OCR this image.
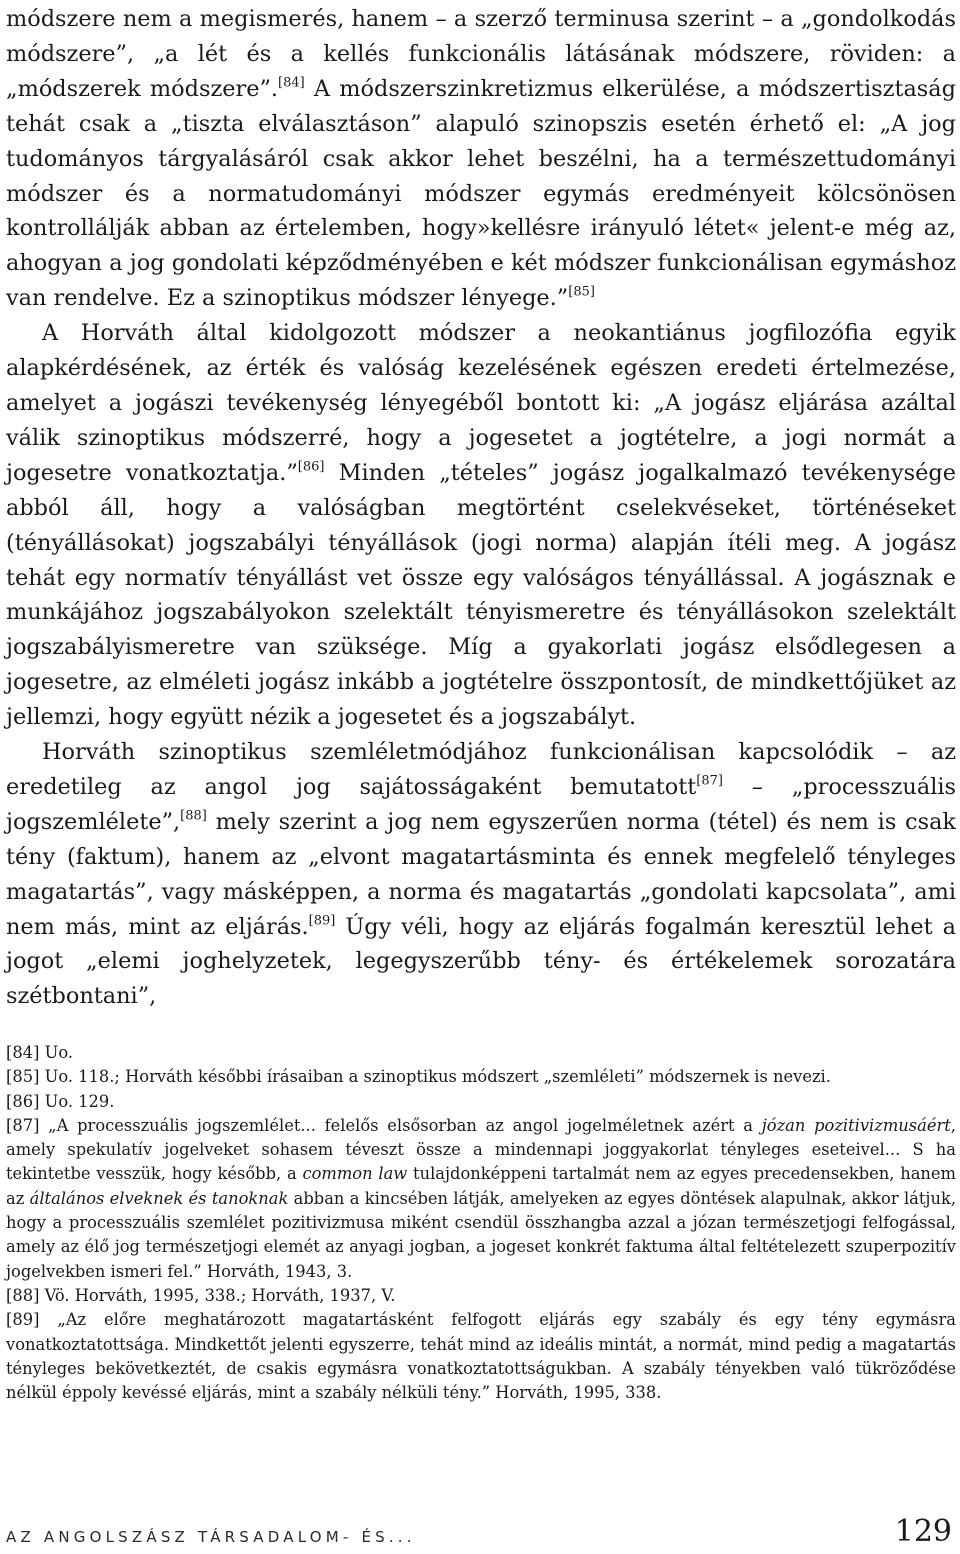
módszere nem a megismerés, hanem – a szerző terminusa szerint – a „gondolkodás módszere”, „a lét és a kellés funkcionális látásának módszere, röviden: a „módszerek módszere”.[84] A módszerszinkretizmus elkerülése, a módszertisztaság tehát csak a „tiszta elválasztáson” alapuló szinopszis esetén érhető el: „A jog tudományos tárgyalásáról csak akkor lehet beszélni, ha a természettudományi módszer és a normatudományi módszer egymás eredményeit kölcsönösen kontrollálják abban az értelemben, hogy»kellésre irányuló létet« jelent-e még az, ahogyan a jog gondolati képződményében e két módszer funkcionálisan egymáshoz van rendelve. Ez a szinoptikus módszer lényege.”[85]

A Horváth által kidolgozott módszer a neokantiánus jogfilozófia egyik alapkérdésének, az érték és valóság kezelésének egészen eredeti értelmezése, amelyet a jogászi tevékenység lényegéből bontott ki: „A jogász eljárása azáltal válik szinoptikus módszerré, hogy a jogesetet a jogtételre, a jogi normát a jogesetre vonatkoztatja.”[86] Minden „tételes” jogász jogalkalmazó tevékenysége abból áll, hogy a valóságban megtörtént cselekvéseket, történéseket (tényállásokat) jogszabályi tényállások (jogi norma) alapján ítéli meg. A jogász tehát egy normatív tényállást vet össze egy valóságos tényállással. A jogásznak e munkájához jogszabályokon szelektált tényismeretre és tényállásokon szelektált jogszabályismeretre van szüksége. Míg a gyakorlati jogász elsődlegesen a jogesetre, az elméleti jogász inkább a jogtételre összpontosít, de mindkettőjüket az jellemzi, hogy együtt nézik a jogesetet és a jogszabályt.

Horváth szinoptikus szemléletmódjához funkcionálisan kapcsolódik – az eredetileg az angol jog sajátosságaként bemutatott[87] – „processzuális jogszemlélete”,[88] mely szerint a jog nem egyszerűen norma (tétel) és nem is csak tény (faktum), hanem az „elvont magatartásminta és ennek megfelelő tényleges magatartás”, vagy másképpen, a norma és magatartás „gondolati kapcsolata”, ami nem más, mint az eljárás.[89] Úgy véli, hogy az eljárás fogalmán keresztül lehet a jogot „elemi joghelyzetek, legegyszerűbb tény- és értékelemek sorozatára szétbontani”,

[84] Uo.

[85] Uo. 118.; Horváth későbbi írásaiban a szinoptikus módszert „szemléleti” módszernek is nevezi.

[86] Uo. 129.

[87] „A processzuális jogszemlélet... felelős elsősorban az angol jogelméletnek azért a józan pozitivizmusáért, amely spekulatív jogelveket sohasem téveszt össze a mindennapi joggyakorlat tényleges eseteivel... S ha tekintetbe vesszük, hogy később, a common law tulajdonképpeni tartalmát nem az egyes precedensekben, hanem az általános elveknek és tanoknak abban a kincsében látják, amelyeken az egyes döntések alapulnak, akkor látjuk, hogy a processzuális szemlélet pozitivizmusa miként csendül összhangba azzal a józan természetjogi felfogással, amely az élő jog természetjogi elemét az anyagi jogban, a jogeset konkrét faktuma által feltételezett szuperpozitív jogelvekben ismeri fel.” Horváth, 1943, 3.

[88] Vö. Horváth, 1995, 338.; Horváth, 1937, V.

[89] „Az előre meghatározott magatartásként felfogott eljárás egy szabály és egy tény egymásra vonatkoztatottsága. Mindkettőt jelenti egyszerre, tehát mind az ideális mintát, a normát, mind pedig a magatartás tényleges bekövetkeztét, de csakis egymásra vonatkoztatottságukban. A szabály tényekben való tükröződése nélkül éppoly kevéssé eljárás, mint a szabály nélküli tény.” Horváth, 1995, 338.

AZ ANGOLSZÁSZ TÁRSADALOM- ÉS...	129
